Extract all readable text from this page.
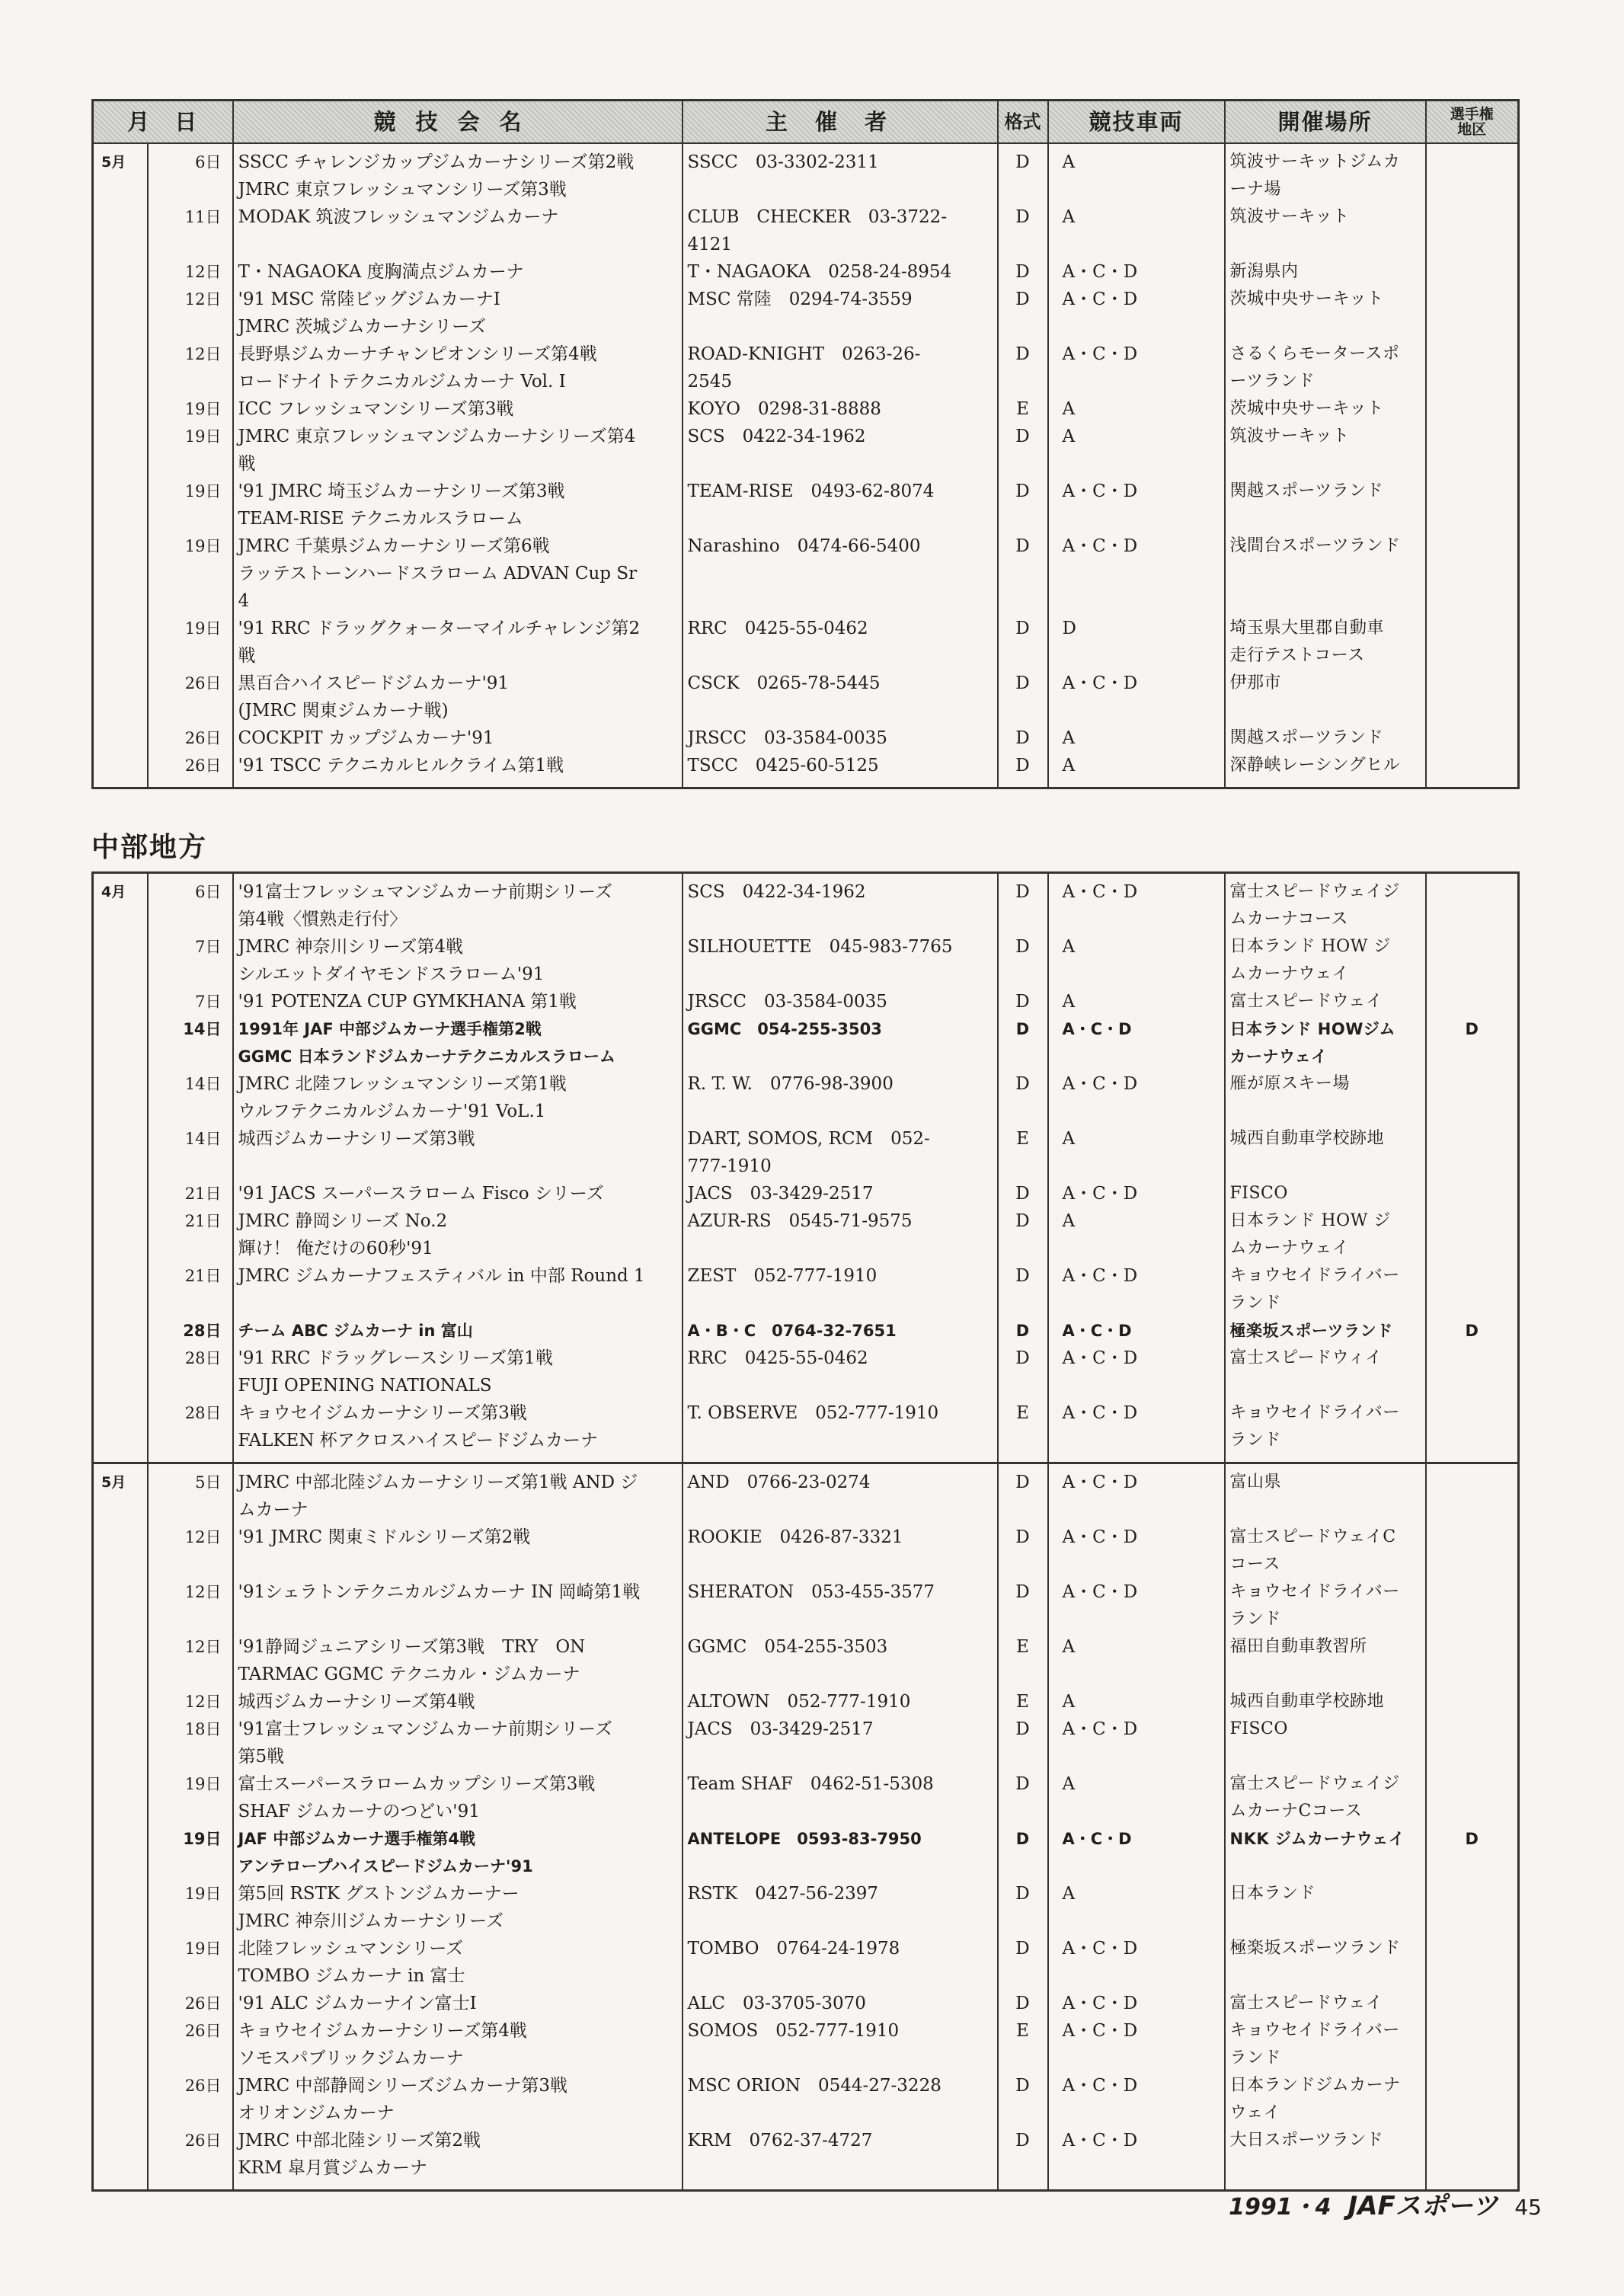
月　日		競技会名	主催者	格式	競技車両	開催場所	選手権
地区
5月	6日	SSCC チャレンジカップジムカーナシリーズ第2戦
JMRC 東京フレッシュマンシリーズ第3戦	SSCC　03-3302-2311	D	A	筑波サーキットジムカ
ーナ場	
	11日	MODAK 筑波フレッシュマンジムカーナ	CLUB　CHECKER　03-3722-
4121	D	A	筑波サーキット	
	12日	T・NAGAOKA 度胸満点ジムカーナ	T・NAGAOKA　0258-24-8954	D	A・C・D	新潟県内	
	12日	'91 MSC 常陸ビッグジムカーナⅠ
JMRC 茨城ジムカーナシリーズ	MSC 常陸　0294-74-3559	D	A・C・D	茨城中央サーキット	
	12日	長野県ジムカーナチャンピオンシリーズ第4戦
ロードナイトテクニカルジムカーナ Vol. Ⅰ	ROAD-KNIGHT　0263-26-
2545	D	A・C・D	さるくらモータースポ
ーツランド	
	19日	ICC フレッシュマンシリーズ第3戦	KOYO　0298-31-8888	E	A	茨城中央サーキット	
	19日	JMRC 東京フレッシュマンジムカーナシリーズ第4
戦	SCS　0422-34-1962	D	A	筑波サーキット	
	19日	'91 JMRC 埼玉ジムカーナシリーズ第3戦
TEAM-RISE テクニカルスラローム	TEAM-RISE　0493-62-8074	D	A・C・D	関越スポーツランド	
	19日	JMRC 千葉県ジムカーナシリーズ第6戦
ラッテストーンハードスラローム ADVAN Cup Sr
4	Narashino　0474-66-5400	D	A・C・D	浅間台スポーツランド	
	19日	'91 RRC ドラッグクォーターマイルチャレンジ第2
戦	RRC　0425-55-0462	D	D	埼玉県大里郡自動車
走行テストコース	
	26日	黒百合ハイスピードジムカーナ'91
(JMRC 関東ジムカーナ戦)	CSCK　0265-78-5445	D	A・C・D	伊那市	
	26日	COCKPIT カップジムカーナ'91	JRSCC　03-3584-0035	D	A	関越スポーツランド	
	26日	'91 TSCC テクニカルヒルクライム第1戦	TSCC　0425-60-5125	D	A	深静峡レーシングヒル	
中部地方
4月	6日	'91富士フレッシュマンジムカーナ前期シリーズ
第4戦〈慣熟走行付〉	SCS　0422-34-1962	D	A・C・D	富士スピードウェイジ
ムカーナコース	
	7日	JMRC 神奈川シリーズ第4戦
シルエットダイヤモンドスラローム'91	SILHOUETTE　045-983-7765	D	A	日本ランド HOW ジ
ムカーナウェイ	
	7日	'91 POTENZA CUP GYMKHANA 第1戦	JRSCC　03-3584-0035	D	A	富士スピードウェイ	
	14日	1991年 JAF 中部ジムカーナ選手権第2戦
GGMC 日本ランドジムカーナテクニカルスラローム	GGMC　054-255-3503	D	A・C・D	日本ランド HOWジム
カーナウェイ	D
	14日	JMRC 北陸フレッシュマンシリーズ第1戦
ウルフテクニカルジムカーナ'91 VoL.1	R. T. W.　0776-98-3900	D	A・C・D	雁が原スキー場	
	14日	城西ジムカーナシリーズ第3戦	DART, SOMOS, RCM　052-
777-1910	E	A	城西自動車学校跡地	
	21日	'91 JACS スーパースラローム Fisco シリーズ	JACS　03-3429-2517	D	A・C・D	FISCO	
	21日	JMRC 静岡シリーズ No.2
輝け！ 俺だけの60秒'91	AZUR-RS　0545-71-9575	D	A	日本ランド HOW ジ
ムカーナウェイ	
	21日	JMRC ジムカーナフェスティバル in 中部 Round 1	ZEST　052-777-1910	D	A・C・D	キョウセイドライバー
ランド	
	28日	チーム ABC ジムカーナ in 富山	A・B・C　0764-32-7651	D	A・C・D	極楽坂スポーツランド	D
	28日	'91 RRC ドラッグレースシリーズ第1戦
FUJI OPENING NATIONALS	RRC　0425-55-0462	D	A・C・D	富士スピードウィイ	
	28日	キョウセイジムカーナシリーズ第3戦
FALKEN 杯アクロスハイスピードジムカーナ	T. OBSERVE　052-777-1910	E	A・C・D	キョウセイドライバー
ランド	
5月	5日	JMRC 中部北陸ジムカーナシリーズ第1戦 AND ジ
ムカーナ	AND　0766-23-0274	D	A・C・D	富山県	
	12日	'91 JMRC 関東ミドルシリーズ第2戦	ROOKIE　0426-87-3321	D	A・C・D	富士スピードウェイC
コース	
	12日	'91シェラトンテクニカルジムカーナ IN 岡崎第1戦	SHERATON　053-455-3577	D	A・C・D	キョウセイドライバー
ランド	
	12日	'91静岡ジュニアシリーズ第3戦　TRY　ON
TARMAC GGMC テクニカル・ジムカーナ	GGMC　054-255-3503	E	A	福田自動車教習所	
	12日	城西ジムカーナシリーズ第4戦	ALTOWN　052-777-1910	E	A	城西自動車学校跡地	
	18日	'91富士フレッシュマンジムカーナ前期シリーズ
第5戦	JACS　03-3429-2517	D	A・C・D	FISCO	
	19日	富士スーパースラロームカップシリーズ第3戦
SHAF ジムカーナのつどい'91	Team SHAF　0462-51-5308	D	A	富士スピードウェイジ
ムカーナCコース	
	19日	JAF 中部ジムカーナ選手権第4戦
アンテロープハイスピードジムカーナ'91	ANTELOPE　0593-83-7950	D	A・C・D	NKK ジムカーナウェイ	D
	19日	第5回 RSTK グストンジムカーナー
JMRC 神奈川ジムカーナシリーズ	RSTK　0427-56-2397	D	A	日本ランド	
	19日	北陸フレッシュマンシリーズ
TOMBO ジムカーナ in 富士	TOMBO　0764-24-1978	D	A・C・D	極楽坂スポーツランド	
	26日	'91 ALC ジムカーナイン富士Ⅰ	ALC　03-3705-3070	D	A・C・D	富士スピードウェイ	
	26日	キョウセイジムカーナシリーズ第4戦
ソモスパブリックジムカーナ	SOMOS　052-777-1910	E	A・C・D	キョウセイドライバー
ランド	
	26日	JMRC 中部静岡シリーズジムカーナ第3戦
オリオンジムカーナ	MSC ORION　0544-27-3228	D	A・C・D	日本ランドジムカーナ
ウェイ	
	26日	JMRC 中部北陸シリーズ第2戦
KRM 皐月賞ジムカーナ	KRM　0762-37-4727	D	A・C・D	大日スポーツランド	
1991・4 JAFスポーツ 45
